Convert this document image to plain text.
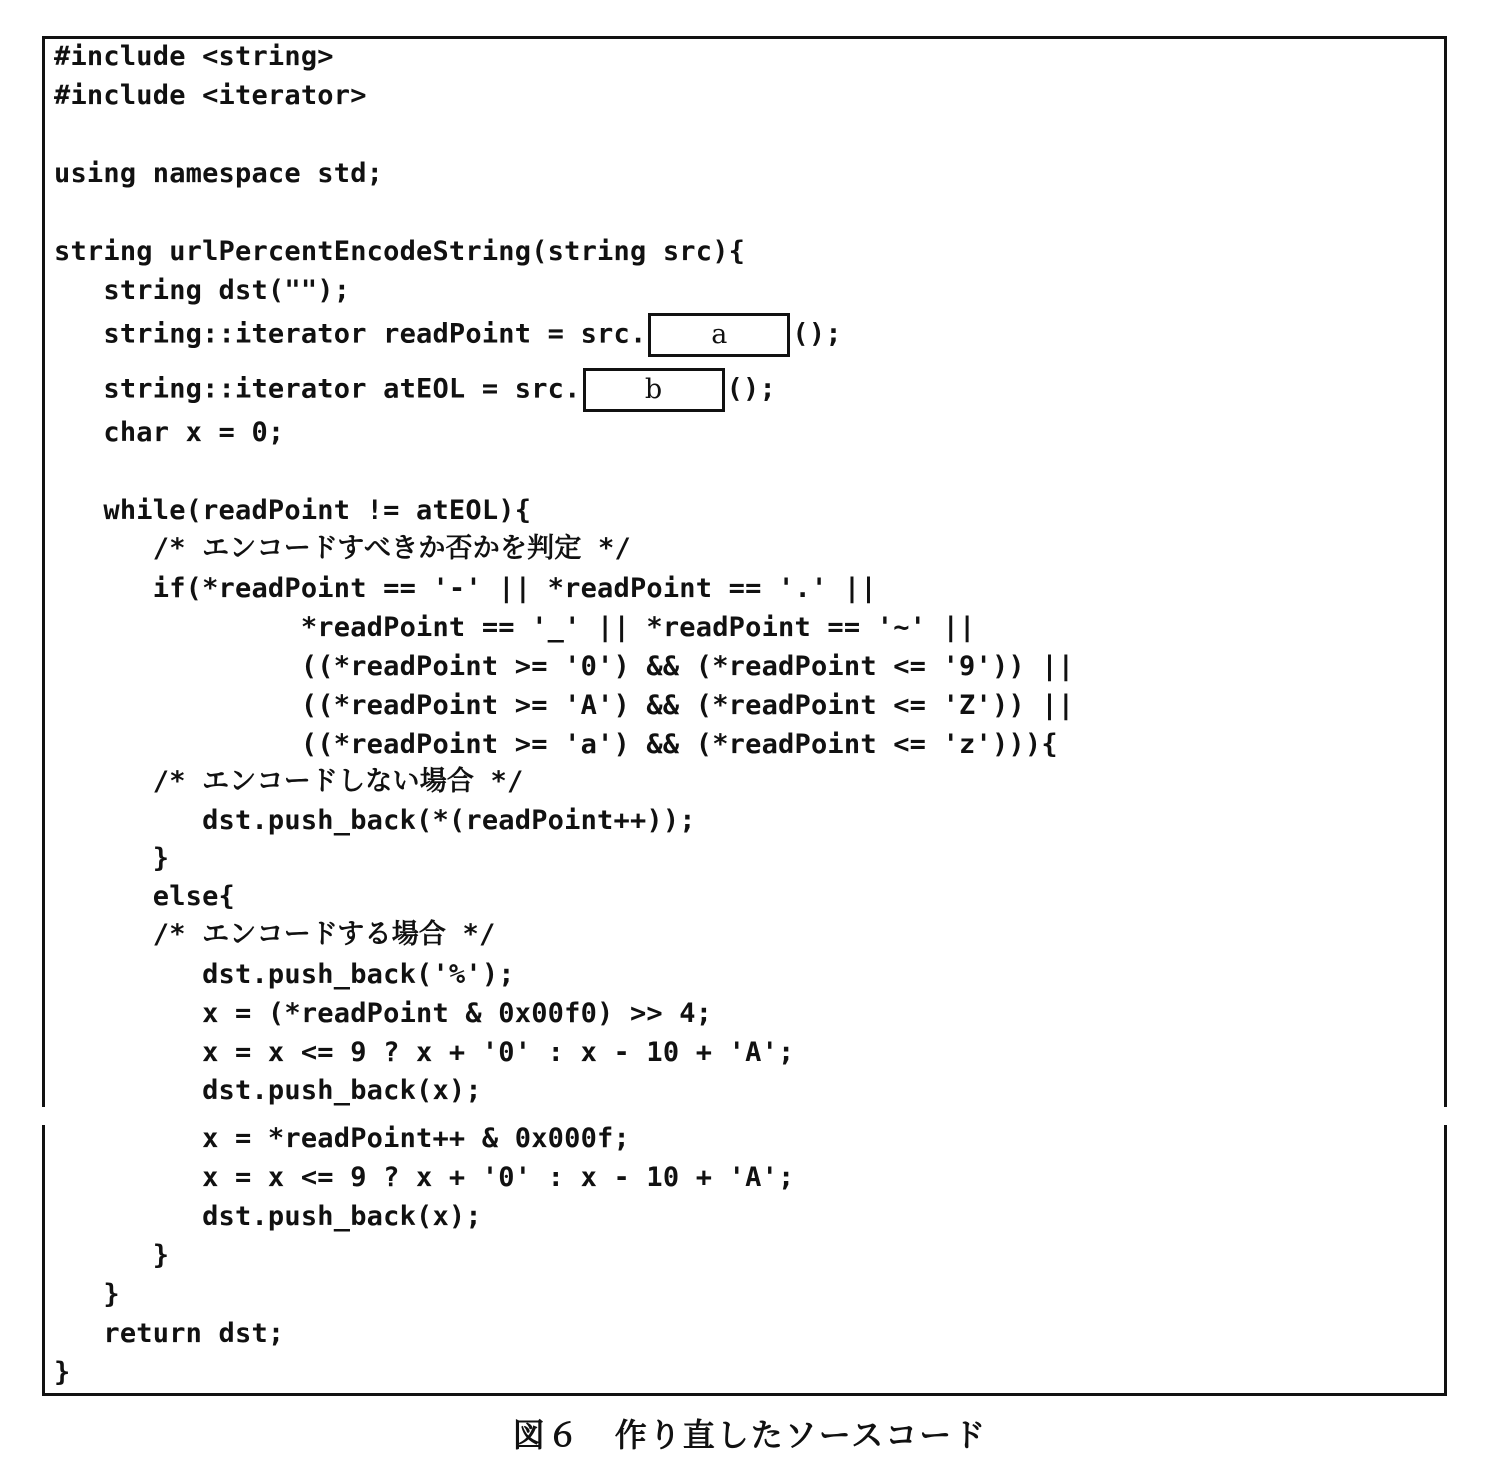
#include <string>
#include <iterator>
using namespace std;
string urlPercentEncodeString(string src){
string dst("");
string::iterator readPoint = src. a ();
string::iterator atEOL = src. b ();
char x = 0;
while(readPoint != atEOL){
/* エンコードすべきか否かを判定 */
if(*readPoint == '-' || *readPoint == '.' ||
*readPoint == '_' || *readPoint == '~' ||
((*readPoint >= '0') && (*readPoint <= '9')) ||
((*readPoint >= 'A') && (*readPoint <= 'Z')) ||
((*readPoint >= 'a') && (*readPoint <= 'z'))){
/* エンコードしない場合 */
dst.push_back(*(readPoint++));
}
else{
/* エンコードする場合 */
dst.push_back('%');
x = (*readPoint & 0x00f0) >> 4;
x = x <= 9 ? x + '0' : x - 10 + 'A';
dst.push_back(x);
x = *readPoint++ & 0x000f;
x = x <= 9 ? x + '0' : x - 10 + 'A';
dst.push_back(x);
}
}
return dst;
}
図６　作り直したソースコード
